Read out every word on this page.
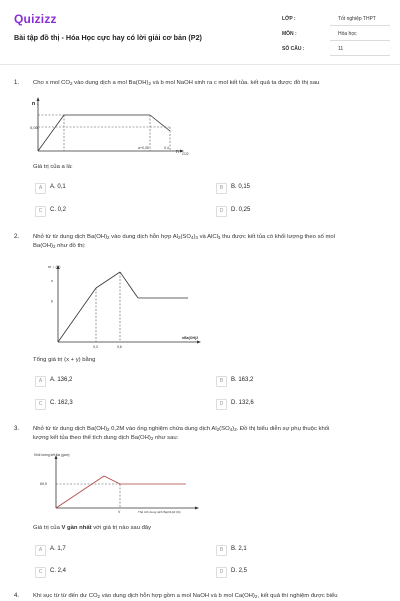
Quizizz
Bài tập đồ thị - Hóa Học cực hay có lời giải cơ bản (P2)
LỚP :	Tốt nghiệp THPT
MÔN :	Hóa học
SỐ CÂU :	11
1. Cho x mol $CO_2$ vào dung dịch a mol $Ba(OH)_2$ và b mol NaOH sinh ra c mol kết tủa. kết quả ta được đồ thị sau
n ↓
0,05
a+0,35	0,4
n CO2
Giá trị của a là:
A	A. 0,1	B	B. 0,15
C	C. 0,2	D	D. 0,25
2. Nhỏ từ từ dung dịch $Ba(OH)_2$ vào dung dịch hỗn hợp $Al_2(SO_4)_3$ và AlCl$_3$ thu được kết tủa có khối lượng theo số mol
$Ba(OH)_2$ như đồ thị:
m ↓ (g)
x
y
0,3	0,6
nBa(OH)2
Tổng giá trị (x + y) bằng
A	A. 136,2	B	B. 163,2
C	C. 162,3	D	D. 132,6
3. Nhỏ từ từ dung dịch $Ba(OH)_2$ 0,2M vào ống nghiệm chứa dung dịch $Al_2(SO_4)_3$. Đồ thị biểu diễn sự phụ thuộc khối
lượng kết tủa theo thể tích dung dịch $Ba(OH)_2$ như sau:
Khối lượng kết tủa (gam)
69,9
V	Thể tích dung dịch Ba(OH)2 (lít)
Giá trị của V gần nhất với giá trị nào sau đây
A	A. 1,7	B	B. 2,1
C	C. 2,4	D	D. 2,5
4. Khi sục từ từ đến dư $CO_2$ vào dung dịch hỗn hợp gồm a mol NaOH và b mol $Ca(OH)_2$, kết quả thí nghiệm được biểu
